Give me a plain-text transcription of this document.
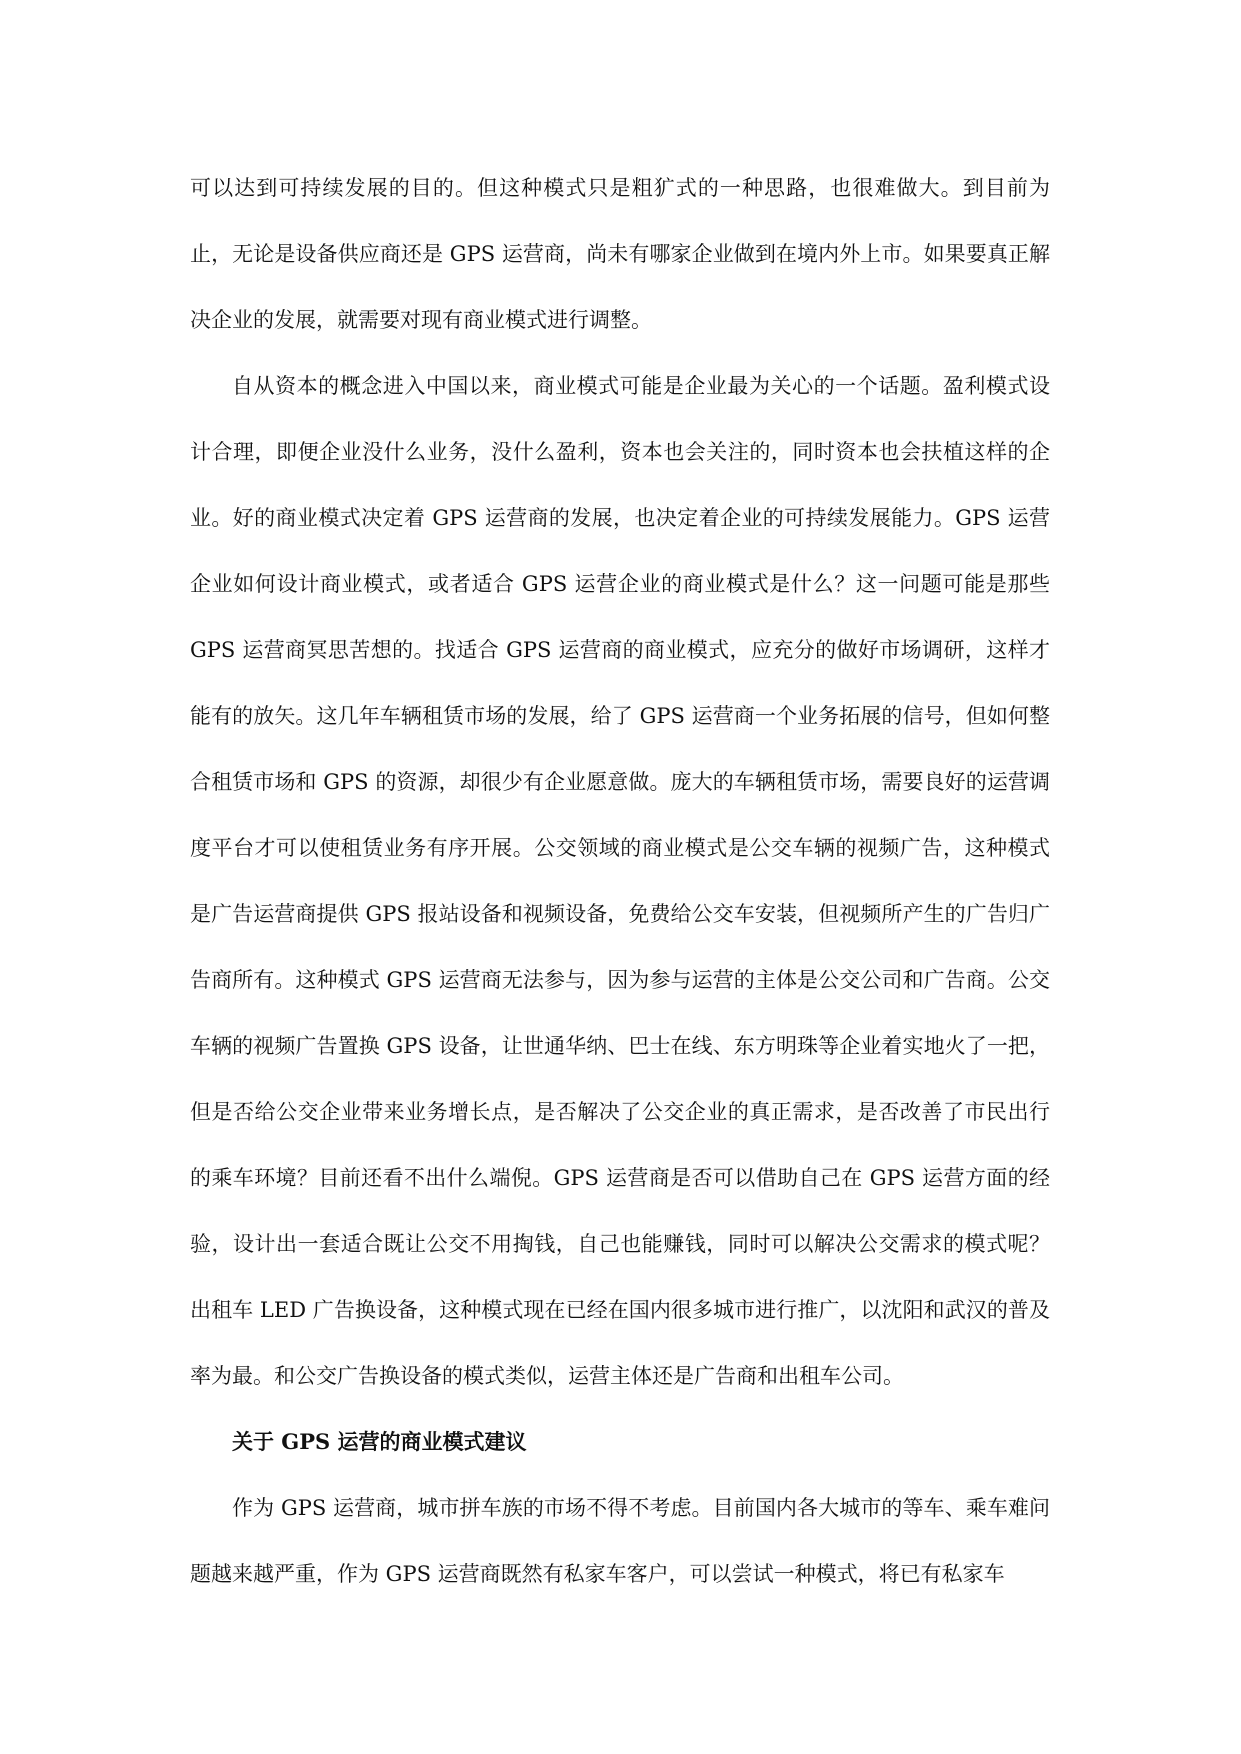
可以达到可持续发展的目的。但这种模式只是粗犷式的一种思路，也很难做大。到目前为止，无论是设备供应商还是 GPS 运营商，尚未有哪家企业做到在境内外上市。如果要真正解决企业的发展，就需要对现有商业模式进行调整。

自从资本的概念进入中国以来，商业模式可能是企业最为关心的一个话题。盈利模式设计合理，即便企业没什么业务，没什么盈利，资本也会关注的，同时资本也会扶植这样的企业。好的商业模式决定着 GPS 运营商的发展，也决定着企业的可持续发展能力。GPS 运营企业如何设计商业模式，或者适合 GPS 运营企业的商业模式是什么？这一问题可能是那些 GPS 运营商冥思苦想的。找适合 GPS 运营商的商业模式，应充分的做好市场调研，这样才能有的放矢。这几年车辆租赁市场的发展，给了 GPS 运营商一个业务拓展的信号，但如何整合租赁市场和 GPS 的资源，却很少有企业愿意做。庞大的车辆租赁市场，需要良好的运营调度平台才可以使租赁业务有序开展。公交领域的商业模式是公交车辆的视频广告，这种模式是广告运营商提供 GPS 报站设备和视频设备，免费给公交车安装，但视频所产生的广告归广告商所有。这种模式 GPS 运营商无法参与，因为参与运营的主体是公交公司和广告商。公交车辆的视频广告置换 GPS 设备，让世通华纳、巴士在线、东方明珠等企业着实地火了一把，但是否给公交企业带来业务增长点，是否解决了公交企业的真正需求，是否改善了市民出行的乘车环境？目前还看不出什么端倪。GPS 运营商是否可以借助自己在 GPS 运营方面的经验，设计出一套适合既让公交不用掏钱，自己也能赚钱，同时可以解决公交需求的模式呢？出租车 LED 广告换设备，这种模式现在已经在国内很多城市进行推广，以沈阳和武汉的普及率为最。和公交广告换设备的模式类似，运营主体还是广告商和出租车公司。

关于 GPS 运营的商业模式建议

作为 GPS 运营商，城市拼车族的市场不得不考虑。目前国内各大城市的等车、乘车难问题越来越严重，作为 GPS 运营商既然有私家车客户，可以尝试一种模式，将已有私家车
